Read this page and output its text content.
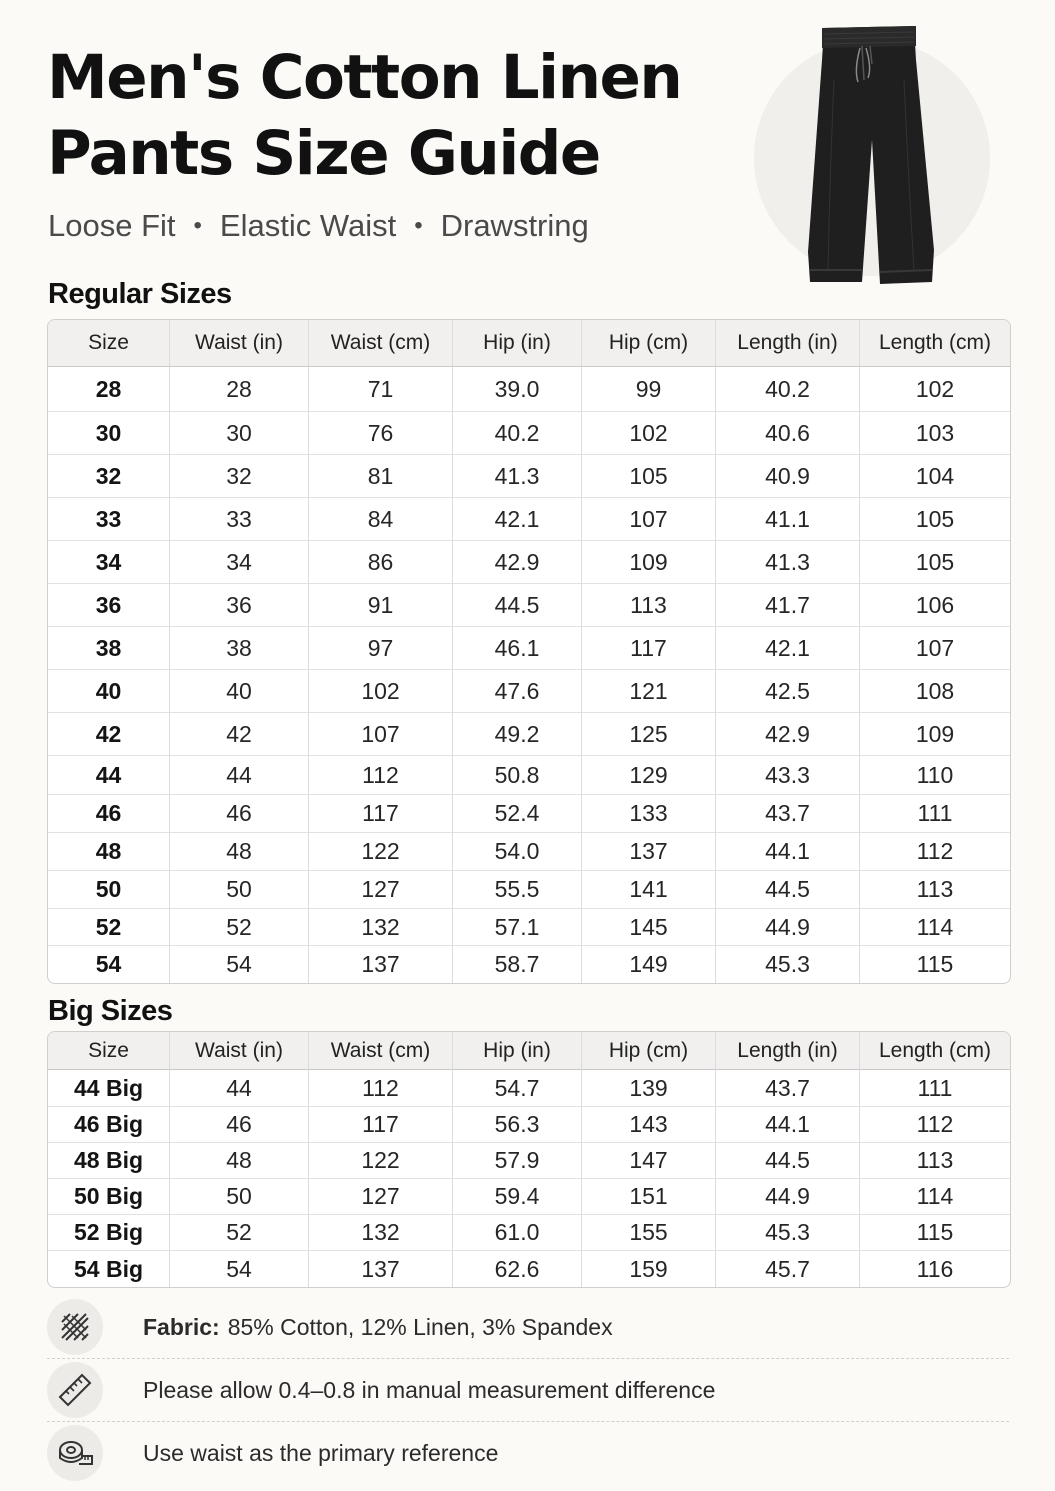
Men's Cotton Linen
Pants Size Guide
Loose Fit • Elastic Waist • Drawstring
Regular Sizes
Size	Waist (in)	Waist (cm)	Hip (in)	Hip (cm)	Length (in)	Length (cm)
28	28	71	39.0	99	40.2	102
30	30	76	40.2	102	40.6	103
32	32	81	41.3	105	40.9	104
33	33	84	42.1	107	41.1	105
34	34	86	42.9	109	41.3	105
36	36	91	44.5	113	41.7	106
38	38	97	46.1	117	42.1	107
40	40	102	47.6	121	42.5	108
42	42	107	49.2	125	42.9	109
44	44	112	50.8	129	43.3	110
46	46	117	52.4	133	43.7	111
48	48	122	54.0	137	44.1	112
50	50	127	55.5	141	44.5	113
52	52	132	57.1	145	44.9	114
54	54	137	58.7	149	45.3	115
Big Sizes
Size	Waist (in)	Waist (cm)	Hip (in)	Hip (cm)	Length (in)	Length (cm)
44 Big	44	112	54.7	139	43.7	111
46 Big	46	117	56.3	143	44.1	112
48 Big	48	122	57.9	147	44.5	113
50 Big	50	127	59.4	151	44.9	114
52 Big	52	132	61.0	155	45.3	115
54 Big	54	137	62.6	159	45.7	116
Fabric: 85% Cotton, 12% Linen, 3% Spandex
Please allow 0.4–0.8 in manual measurement difference
Use waist as the primary reference
